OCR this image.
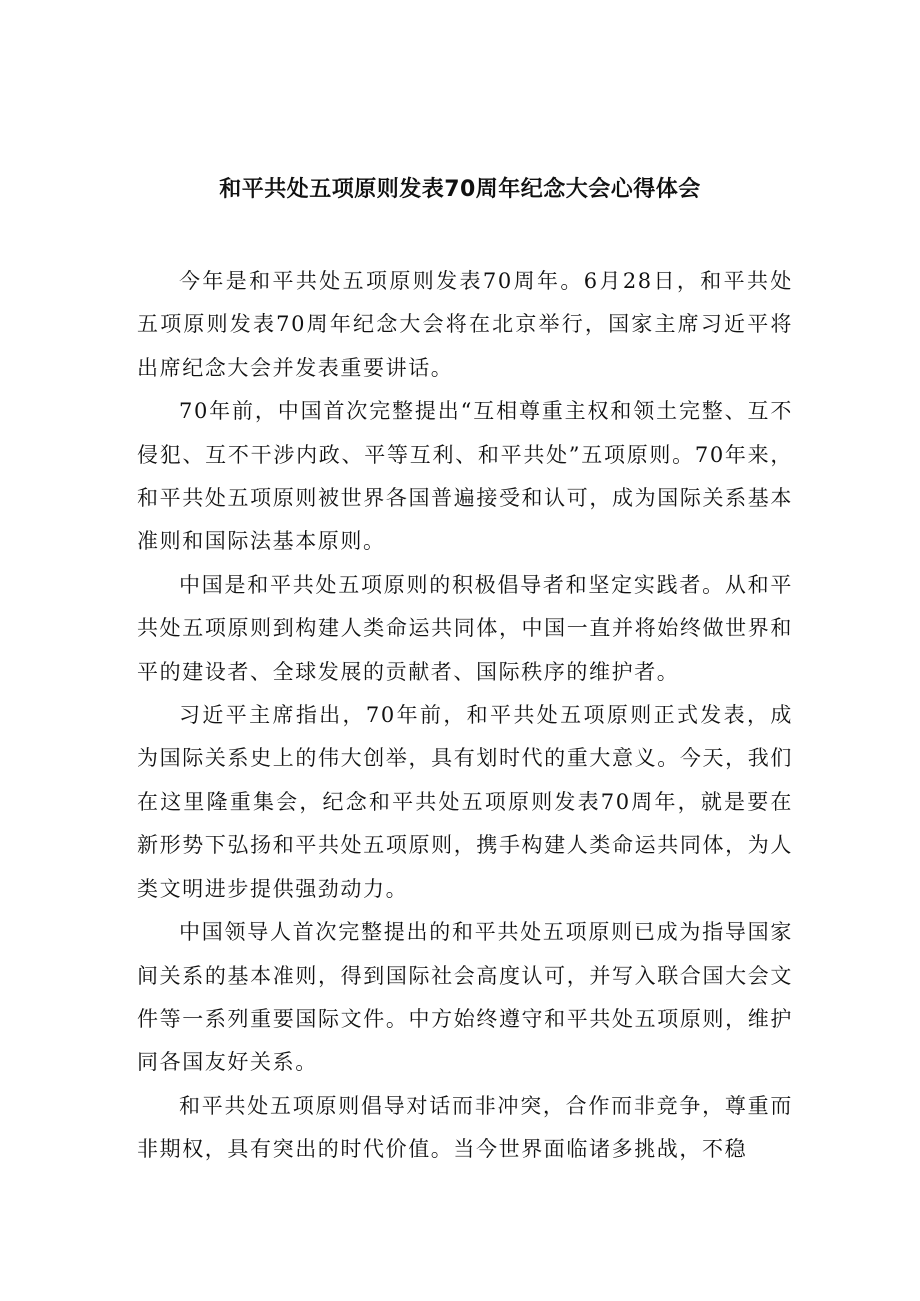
和平共处五项原则发表70周年纪念大会心得体会

今年是和平共处五项原则发表70周年。6月28日，和平共处五项原则发表70周年纪念大会将在北京举行，国家主席习近平将出席纪念大会并发表重要讲话。

70年前，中国首次完整提出“互相尊重主权和领土完整、互不侵犯、互不干涉内政、平等互利、和平共处”五项原则。70年来，和平共处五项原则被世界各国普遍接受和认可，成为国际关系基本准则和国际法基本原则。

中国是和平共处五项原则的积极倡导者和坚定实践者。从和平共处五项原则到构建人类命运共同体，中国一直并将始终做世界和平的建设者、全球发展的贡献者、国际秩序的维护者。

习近平主席指出，70年前，和平共处五项原则正式发表，成为国际关系史上的伟大创举，具有划时代的重大意义。今天，我们在这里隆重集会，纪念和平共处五项原则发表70周年，就是要在新形势下弘扬和平共处五项原则，携手构建人类命运共同体，为人类文明进步提供强劲动力。

中国领导人首次完整提出的和平共处五项原则已成为指导国家间关系的基本准则，得到国际社会高度认可，并写入联合国大会文件等一系列重要国际文件。中方始终遵守和平共处五项原则，维护同各国友好关系。

和平共处五项原则倡导对话而非冲突，合作而非竞争，尊重而非期权，具有突出的时代价值。当今世界面临诸多挑战，不稳
